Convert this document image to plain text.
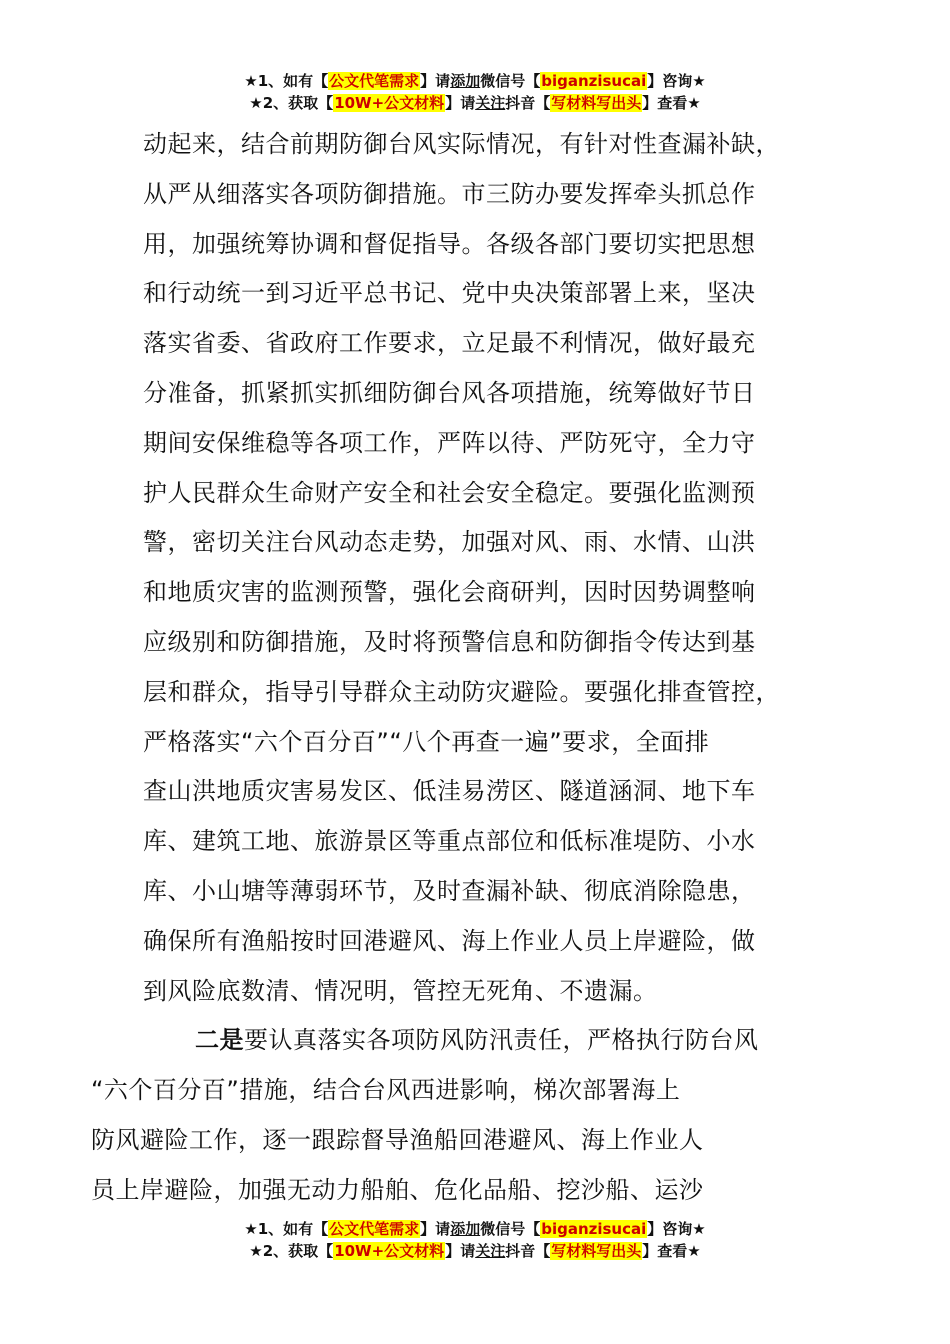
★1、如有【公文代笔需求】请添加微信号【biganzisucai】咨询★
★2、获取【10W+公文材料】请关注抖音【写材料写出头】查看★

动起来，结合前期防御台风实际情况，有针对性查漏补缺，
从严从细落实各项防御措施。市三防办要发挥牵头抓总作
用，加强统筹协调和督促指导。各级各部门要切实把思想
和行动统一到习近平总书记、党中央决策部署上来，坚决
落实省委、省政府工作要求，立足最不利情况，做好最充
分准备，抓紧抓实抓细防御台风各项措施，统筹做好节日
期间安保维稳等各项工作，严阵以待、严防死守，全力守
护人民群众生命财产安全和社会安全稳定。要强化监测预
警，密切关注台风动态走势，加强对风、雨、水情、山洪
和地质灾害的监测预警，强化会商研判，因时因势调整响
应级别和防御措施，及时将预警信息和防御指令传达到基
层和群众，指导引导群众主动防灾避险。要强化排查管控，
严格落实“六个百分百”“八个再查一遍”要求，全面排
查山洪地质灾害易发区、低洼易涝区、隧道涵洞、地下车
库、建筑工地、旅游景区等重点部位和低标准堤防、小水
库、小山塘等薄弱环节，及时查漏补缺、彻底消除隐患，
确保所有渔船按时回港避风、海上作业人员上岸避险，做
到风险底数清、情况明，管控无死角、不遗漏。

二是要认真落实各项防风防汛责任，严格执行防台风
“六个百分百”措施，结合台风西进影响，梯次部署海上
防风避险工作，逐一跟踪督导渔船回港避风、海上作业人
员上岸避险，加强无动力船舶、危化品船、挖沙船、运沙

★1、如有【公文代笔需求】请添加微信号【biganzisucai】咨询★
★2、获取【10W+公文材料】请关注抖音【写材料写出头】查看★
